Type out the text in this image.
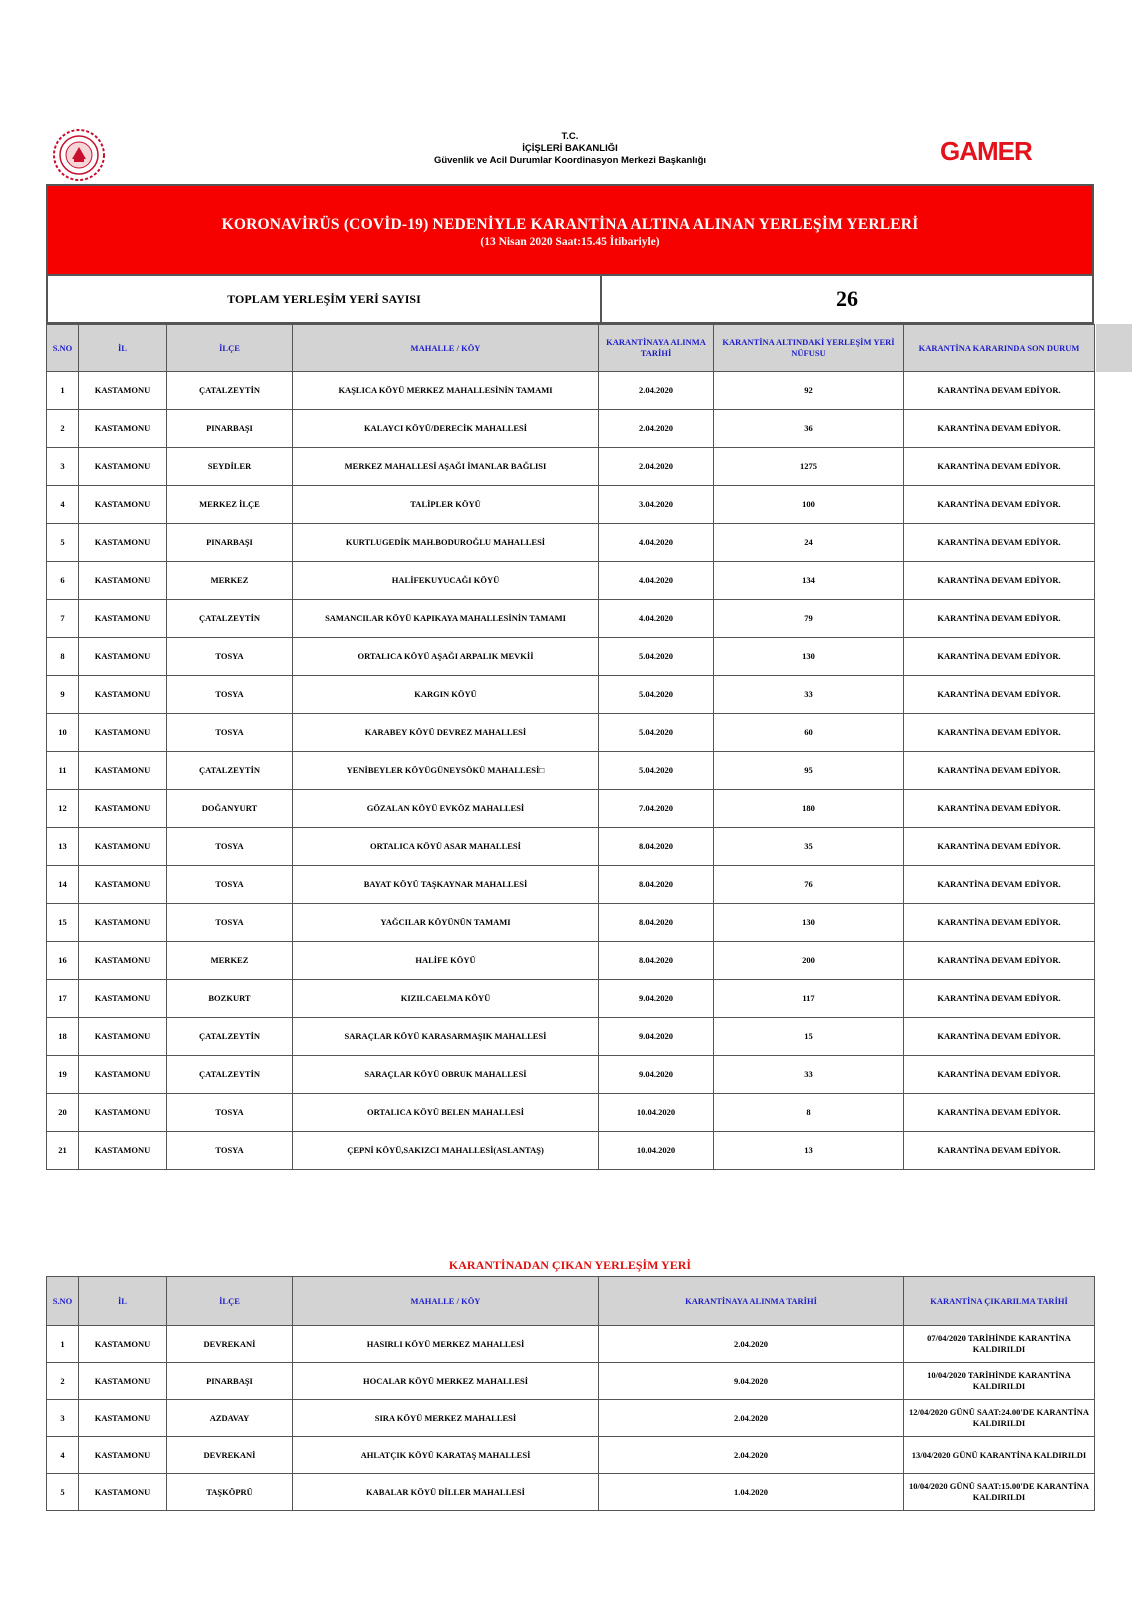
T.C.
İÇİŞLERİ BAKANLIĞI
Güvenlik ve Acil Durumlar Koordinasyon Merkezi Başkanlığı	GAMER
KORONAVİRÜS (COVİD-19) NEDENİYLE KARANTİNA ALTINA ALINAN YERLEŞİM YERLERİ
(13 Nisan 2020 Saat:15.45 İtibariyle)
TOPLAM YERLEŞİM YERİ SAYISI	26
S.NO	İL	İLÇE	MAHALLE / KÖY	KARANTİNAYA ALINMA TARİHİ	KARANTİNA ALTINDAKİ YERLEŞİM YERİ NÜFUSU	KARANTİNA KARARINDA SON DURUM
1	KASTAMONU	ÇATALZEYTİN	KAŞLICA KÖYÜ MERKEZ MAHALLESİNİN TAMAMI	2.04.2020	92	KARANTİNA DEVAM EDİYOR.
2	KASTAMONU	PINARBAŞI	KALAYCI KÖYÜ/DERECİK MAHALLESİ	2.04.2020	36	KARANTİNA DEVAM EDİYOR.
3	KASTAMONU	SEYDİLER	MERKEZ MAHALLESİ AŞAĞI İMANLAR BAĞLISI	2.04.2020	1275	KARANTİNA DEVAM EDİYOR.
4	KASTAMONU	MERKEZ İLÇE	TALİPLER KÖYÜ	3.04.2020	100	KARANTİNA DEVAM EDİYOR.
5	KASTAMONU	PINARBAŞI	KURTLUGEDİK MAH.BODUROĞLU MAHALLESİ	4.04.2020	24	KARANTİNA DEVAM EDİYOR.
6	KASTAMONU	MERKEZ	HALİFEKUYUCAĞI KÖYÜ	4.04.2020	134	KARANTİNA DEVAM EDİYOR.
7	KASTAMONU	ÇATALZEYTİN	SAMANCILAR KÖYÜ KAPIKAYA MAHALLESİNİN TAMAMI	4.04.2020	79	KARANTİNA DEVAM EDİYOR.
8	KASTAMONU	TOSYA	ORTALICA KÖYÜ AŞAĞI ARPALIK MEVKİİ	5.04.2020	130	KARANTİNA DEVAM EDİYOR.
9	KASTAMONU	TOSYA	KARGIN KÖYÜ	5.04.2020	33	KARANTİNA DEVAM EDİYOR.
10	KASTAMONU	TOSYA	KARABEY KÖYÜ DEVREZ MAHALLESİ	5.04.2020	60	KARANTİNA DEVAM EDİYOR.
11	KASTAMONU	ÇATALZEYTİN	YENİBEYLER KÖYÜGÜNEYSÖKÜ MAHALLESİ□	5.04.2020	95	KARANTİNA DEVAM EDİYOR.
12	KASTAMONU	DOĞANYURT	GÖZALAN KÖYÜ EVKÖZ MAHALLESİ	7.04.2020	180	KARANTİNA DEVAM EDİYOR.
13	KASTAMONU	TOSYA	ORTALICA KÖYÜ ASAR MAHALLESİ	8.04.2020	35	KARANTİNA DEVAM EDİYOR.
14	KASTAMONU	TOSYA	BAYAT KÖYÜ TAŞKAYNAR MAHALLESİ	8.04.2020	76	KARANTİNA DEVAM EDİYOR.
15	KASTAMONU	TOSYA	YAĞCILAR KÖYÜNÜN TAMAMI	8.04.2020	130	KARANTİNA DEVAM EDİYOR.
16	KASTAMONU	MERKEZ	HALİFE KÖYÜ	8.04.2020	200	KARANTİNA DEVAM EDİYOR.
17	KASTAMONU	BOZKURT	KIZILCAELMA KÖYÜ	9.04.2020	117	KARANTİNA DEVAM EDİYOR.
18	KASTAMONU	ÇATALZEYTİN	SARAÇLAR KÖYÜ KARASARMAŞIK MAHALLESİ	9.04.2020	15	KARANTİNA DEVAM EDİYOR.
19	KASTAMONU	ÇATALZEYTİN	SARAÇLAR KÖYÜ OBRUK MAHALLESİ	9.04.2020	33	KARANTİNA DEVAM EDİYOR.
20	KASTAMONU	TOSYA	ORTALICA KÖYÜ BELEN MAHALLESİ	10.04.2020	8	KARANTİNA DEVAM EDİYOR.
21	KASTAMONU	TOSYA	ÇEPNİ KÖYÜ,SAKIZCI MAHALLESİ(ASLANTAŞ)	10.04.2020	13	KARANTİNA DEVAM EDİYOR.
KARANTİNADAN ÇIKAN YERLEŞİM YERİ
S.NO	İL	İLÇE	MAHALLE / KÖY	KARANTİNAYA ALINMA TARİHİ	KARANTİNA ÇIKARILMA TARİHİ
1	KASTAMONU	DEVREKANİ	HASIRLI KÖYÜ MERKEZ MAHALLESİ	2.04.2020	07/04/2020 TARİHİNDE KARANTİNA KALDIRILDI
2	KASTAMONU	PINARBAŞI	HOCALAR KÖYÜ MERKEZ MAHALLESİ	9.04.2020	10/04/2020 TARİHİNDE KARANTİNA KALDIRILDI
3	KASTAMONU	AZDAVAY	SIRA KÖYÜ MERKEZ MAHALLESİ	2.04.2020	12/04/2020 GÜNÜ SAAT:24.00'DE KARANTİNA KALDIRILDI
4	KASTAMONU	DEVREKANİ	AHLATÇIK KÖYÜ KARATAŞ MAHALLESİ	2.04.2020	13/04/2020 GÜNÜ KARANTİNA KALDIRILDI
5	KASTAMONU	TAŞKÖPRÜ	KABALAR KÖYÜ DİLLER MAHALLESİ	1.04.2020	10/04/2020 GÜNÜ SAAT:15.00'DE KARANTİNA KALDIRILDI
